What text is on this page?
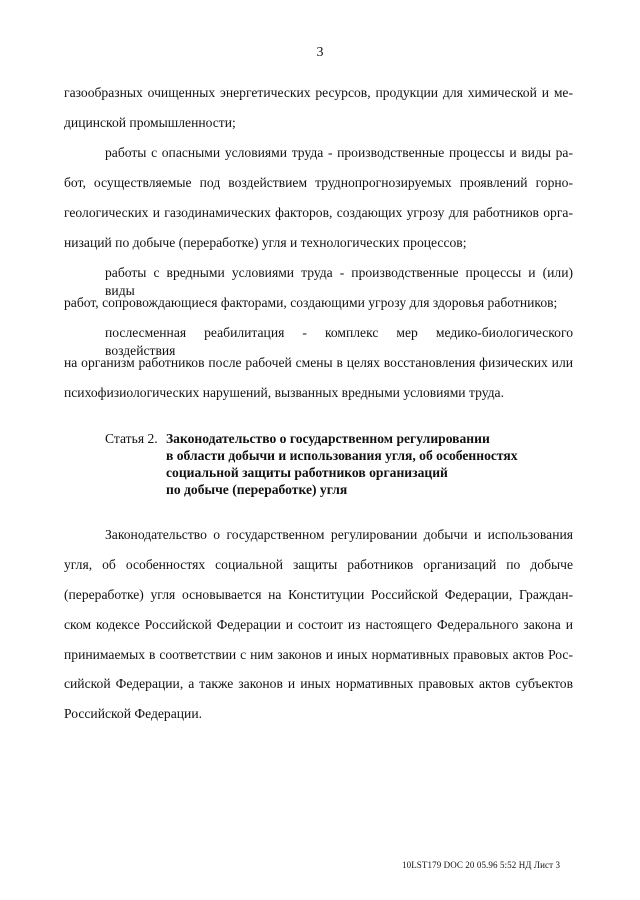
3
газообразных очищенных энергетических ресурсов, продукции для химической и ме-
дицинской промышленности;
работы с опасными условиями труда - производственные процессы и виды ра-
бот, осуществляемые под воздействием труднопрогнозируемых проявлений горно-
геологических и газодинамических факторов, создающих угрозу для работников орга-
низаций по добыче (переработке) угля и технологических процессов;
работы с вредными условиями труда - производственные процессы и (или) виды
работ, сопровождающиеся факторами, создающими угрозу для здоровья работников;
послесменная реабилитация - комплекс мер медико-биологического воздействия
на организм работников после рабочей смены в целях восстановления физических или
психофизиологических нарушений, вызванных вредными условиями труда.
Статья 2. Законодательство о государственном регулировании
в области добычи и использования угля, об особенностях
социальной защиты работников организаций
по добыче (переработке) угля
Законодательство о государственном регулировании добычи и использования
угля, об особенностях социальной защиты работников организаций по добыче
(переработке) угля основывается на Конституции Российской Федерации, Граждан-
ском кодексе Российской Федерации и состоит из настоящего Федерального закона и
принимаемых в соответствии с ним законов и иных нормативных правовых актов Рос-
сийской Федерации, а также законов и иных нормативных правовых актов субъектов
Российской Федерации.
10LST179 DOC 20 05.96 5:52 НД Лист 3
